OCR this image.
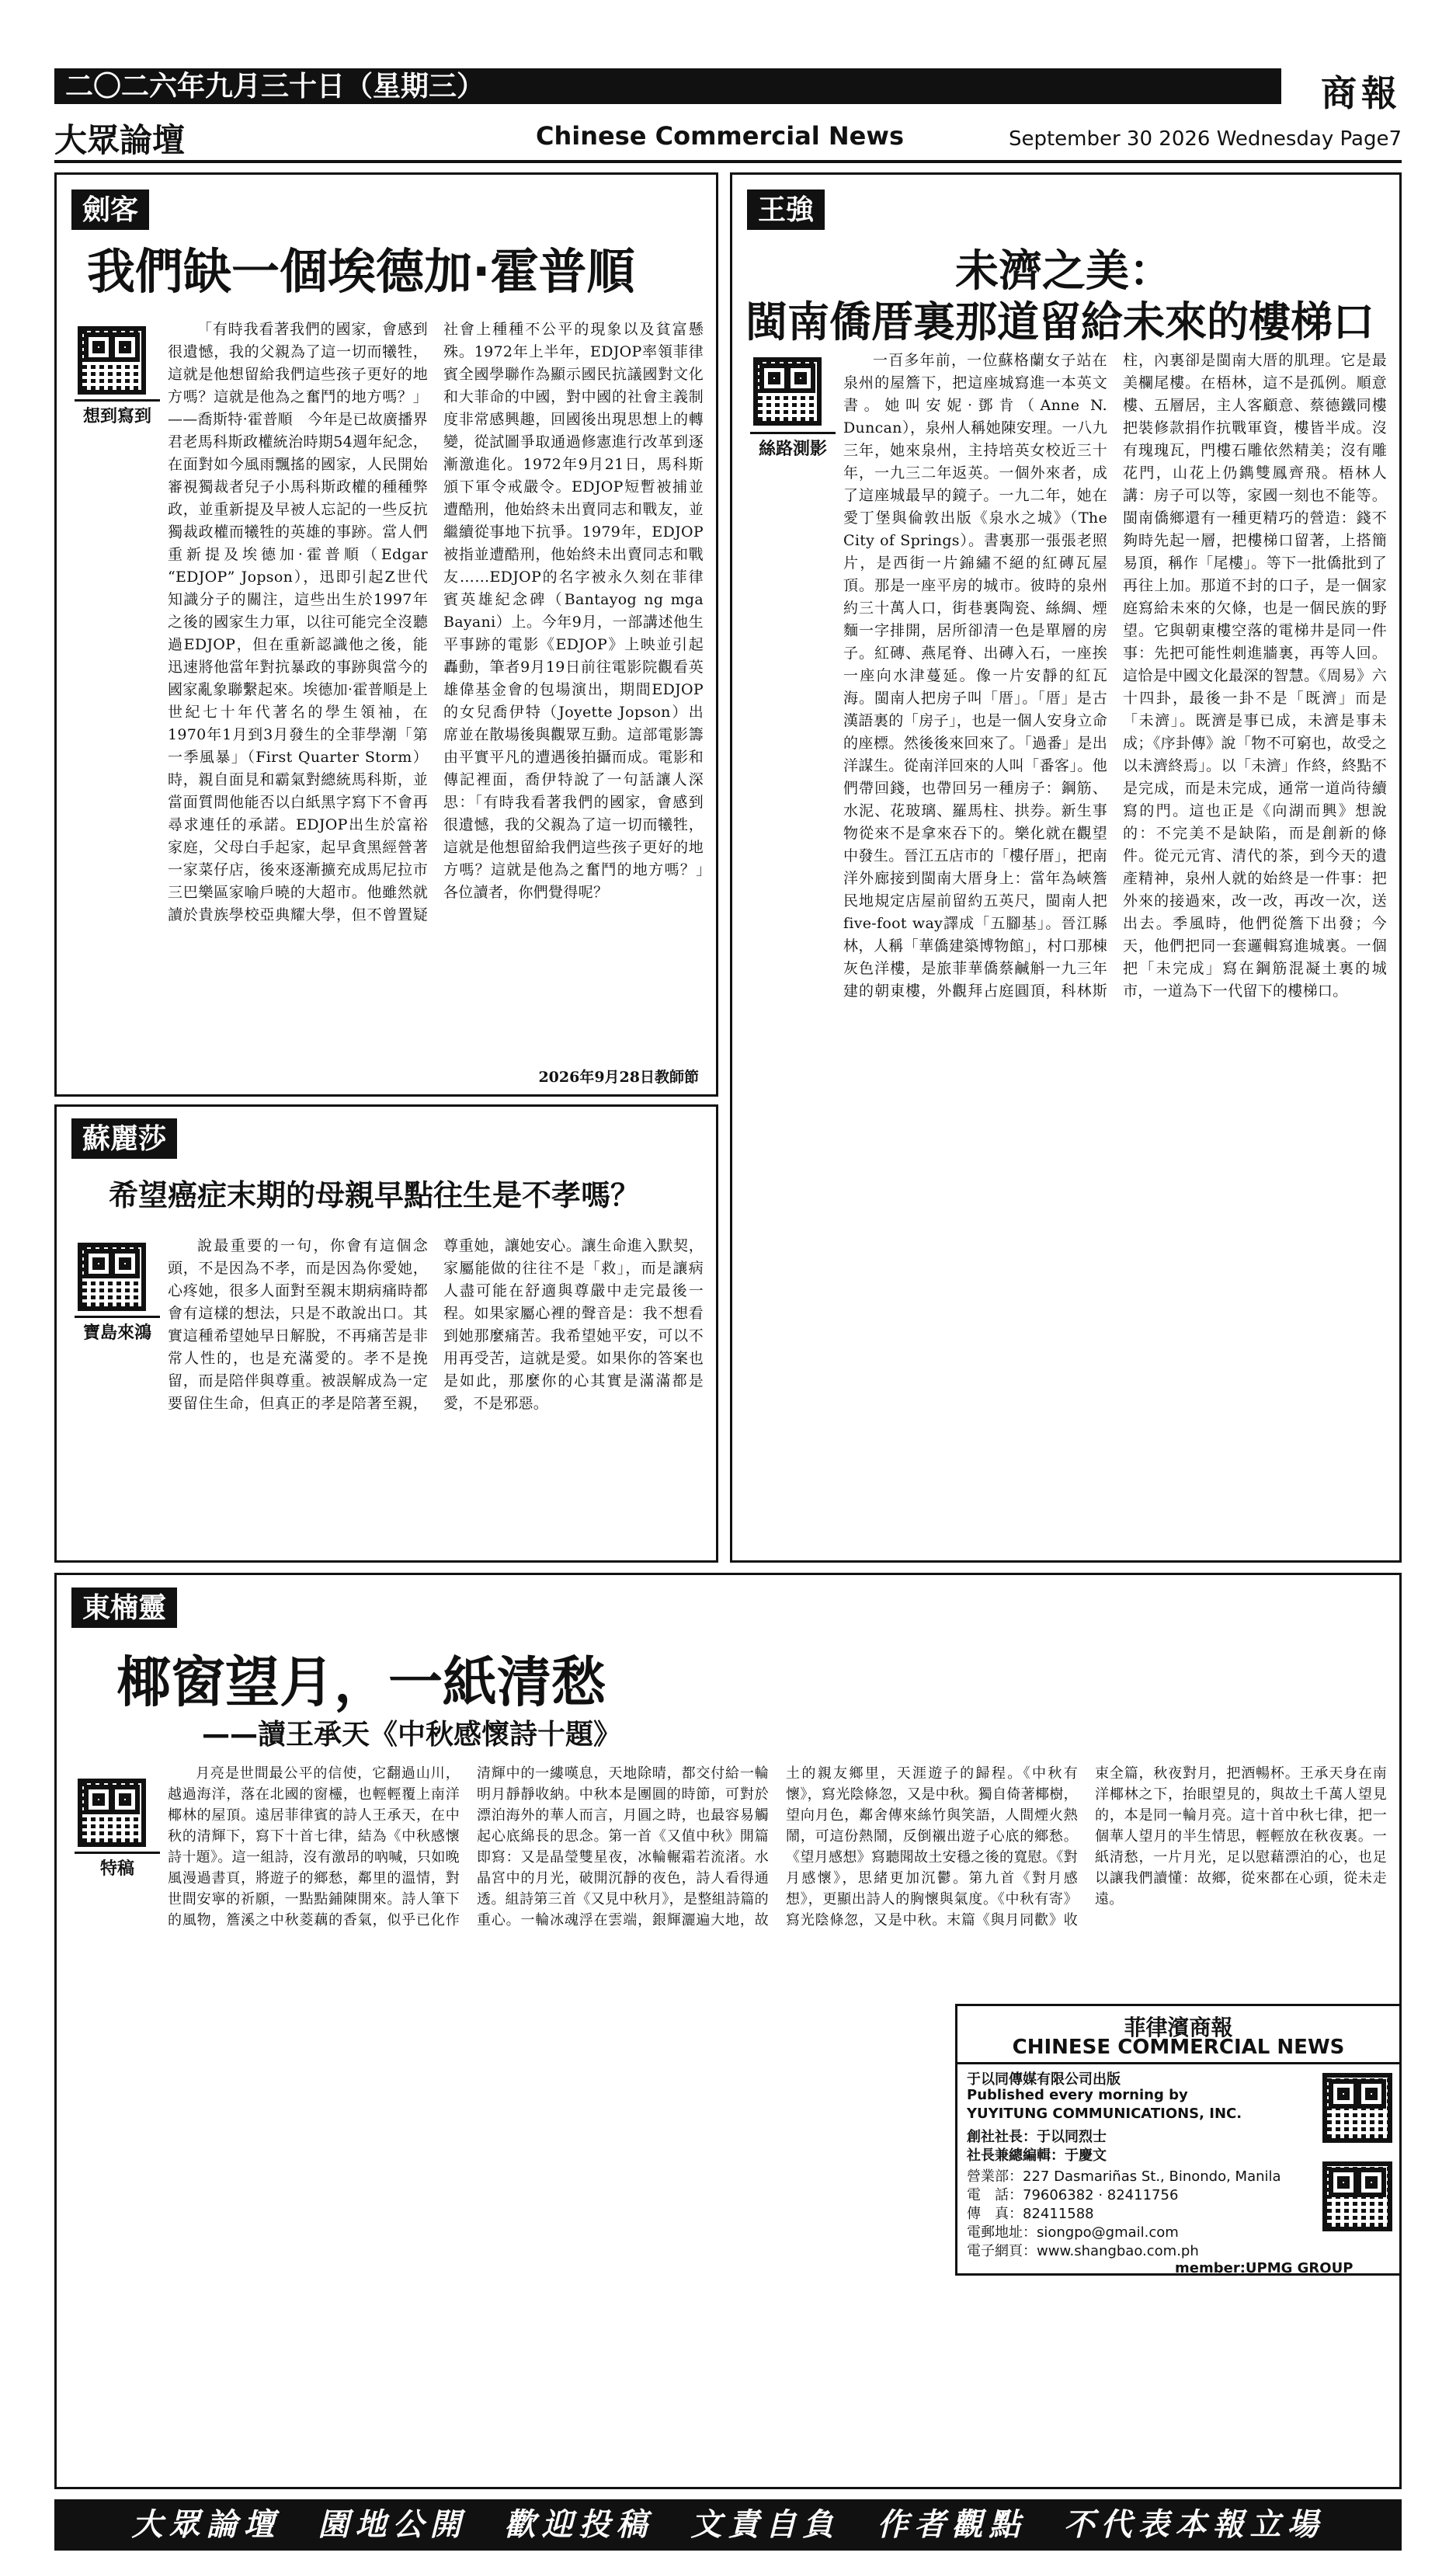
二〇二六年九月三十日（星期三）	商報
大眾論壇	Chinese Commercial News	September 30 2026 Wednesday Page7
劍客
我們缺一個埃德加·霍普順
想到寫到

「有時我看著我們的國家，會感到很遺憾，我的父親為了這一切而犧牲，這就是他想留給我們這些孩子更好的地方嗎？這就是他為之奮鬥的地方嗎？」——喬斯特·霍普順　今年是已故廣播界君老馬科斯政權統治時期54週年紀念，在面對如今風雨飄搖的國家，人民開始審視獨裁者兒子小馬科斯政權的種種弊政，並重新提及早被人忘記的一些反抗獨裁政權而犧牲的英雄的事跡。當人們重新提及埃德加·霍普順（Edgar “EDJOP” Jopson），迅即引起Z世代知識分子的關注，這些出生於1997年之後的國家生力軍，以往可能完全沒聽過EDJOP，但在重新認識他之後，能迅速將他當年對抗暴政的事跡與當今的國家亂象聯繫起來。埃德加·霍普順是上世紀七十年代著名的學生領袖，在1970年1月到3月發生的全菲學潮「第一季風暴」（First Quarter Storm）時，親自面見和霸氣對總統馬科斯，並當面質問他能否以白紙黑字寫下不會再尋求連任的承諾。EDJOP出生於富裕家庭，父母白手起家，起早貪黑經營著一家菜仔店，後來逐漸擴充成馬尼拉市三巴樂區家喻戶曉的大超市。他雖然就讀於貴族學校亞典耀大學，但不曾置疑社會上種種不公平的現象以及貧富懸殊。1972年上半年，EDJOP率領菲律賓全國學聯作為顯示國民抗議國對文化和大菲命的中國，對中國的社會主義制度非常感興趣，回國後出現思想上的轉變，從試圖爭取通過修憲進行改革到逐漸激進化。1972年9月21日，馬科斯頒下軍令戒嚴令。EDJOP短暫被捕並遭酷刑，他始終未出賣同志和戰友，並繼續從事地下抗爭。1979年，EDJOP被指並遭酷刑，他始終未出賣同志和戰友……EDJOP的名字被永久刻在菲律賓英雄紀念碑（Bantayog ng mga Bayani）上。今年9月，一部講述他生平事跡的電影《EDJOP》上映並引起轟動，筆者9月19日前往電影院觀看英雄偉基金會的包場演出，期間EDJOP的女兒喬伊特（Joyette Jopson）出席並在散場後與觀眾互動。這部電影籌由平實平凡的遭遇後拍攝而成。電影和傳記裡面，喬伊特說了一句話讓人深思：「有時我看著我們的國家，會感到很遺憾，我的父親為了這一切而犧牲，這就是他想留給我們這些孩子更好的地方嗎？這就是他為之奮鬥的地方嗎？」　各位讀者，你們覺得呢？

2026年9月28日教師節
王強
未濟之美：
閩南僑厝裏那道留給未來的樓梯口
絲路測影

一百多年前，一位蘇格蘭女子站在泉州的屋簷下，把這座城寫進一本英文書。她叫安妮·鄧肯（Anne N. Duncan），泉州人稱她陳安理。一八九三年，她來泉州，主持培英女校近三十年，一九三二年返英。一個外來者，成了這座城最早的鏡子。一九二年，她在愛丁堡與倫敦出版《泉水之城》（The City of Springs）。書裏那一張張老照片，是西街一片錦繡不絕的紅磚瓦屋頂。那是一座平房的城市。彼時的泉州約三十萬人口，街巷裏陶瓷、絲綢、煙麵一字排開，居所卻清一色是單層的房子。紅磚、燕尾脊、出磚入石，一座挨一座向水津蔓延。像一片安靜的紅瓦海。閩南人把房子叫「厝」。「厝」是古漢語裏的「房子」，也是一個人安身立命的座標。然後後來回來了。「過番」是出洋謀生。從南洋回來的人叫「番客」。他們帶回錢，也帶回另一種房子：鋼筋、水泥、花玻璃、羅馬柱、拱券。新生事物從來不是拿來吞下的。樂化就在觀望中發生。晉江五店市的「樓仔厝」，把南洋外廊接到閩南大厝身上：當年為峽簷民地規定店屋前留約五英尺，閩南人把five-foot way譯成「五腳基」。晉江縣林，人稱「華僑建築博物館」，村口那棟灰色洋樓，是旅菲華僑蔡鹹斛一九三年建的朝東樓，外觀拜占庭圓頂，科林斯柱，內裏卻是閩南大厝的肌理。它是最美欄尾樓。在梧林，這不是孤例。順意樓、五層居，主人客顧意、蔡德鐵同樓把裝修款捐作抗戰軍資，樓皆半成。沒有瑰瑰瓦，門樓石雕依然精美；沒有雕花門，山花上仍鐫雙鳳齊飛。梧林人講：房子可以等，家國一刻也不能等。閩南僑鄉還有一種更精巧的營造：錢不夠時先起一層，把樓梯口留著，上搭簡易頂，稱作「尾樓」。等下一批僑批到了再往上加。那道不封的口子，是一個家庭寫給未來的欠條，也是一個民族的野望。它與朝東樓空落的電梯井是同一件事：先把可能性刺進牆裏，再等人回。這恰是中國文化最深的智慧。《周易》六十四卦，最後一卦不是「既濟」而是「未濟」。既濟是事已成，未濟是事未成；《序卦傳》說「物不可窮也，故受之以未濟終焉」。以「未濟」作終，終點不是完成，而是未完成，通常一道尚待續寫的門。這也正是《向湖而興》想說的：不完美不是缺陷，而是創新的條件。從元元宵、清代的茶，到今天的遺產精神，泉州人就的始終是一件事：把外來的接過來，改一改，再改一次，送出去。季風時，他們從簷下出發；今天，他們把同一套邏輯寫進城裏。一個把「未完成」寫在鋼筋混凝土裏的城市，一道為下一代留下的樓梯口。

蘇麗莎
希望癌症末期的母親早點往生是不孝嗎？
寶島來鴻

說最重要的一句，你會有這個念頭，不是因為不孝，而是因為你愛她，心疼她，很多人面對至親末期病痛時都會有這樣的想法，只是不敢說出口。其實這種希望她早日解脫，不再痛苦是非常人性的，也是充滿愛的。孝不是挽留，而是陪伴與尊重。被誤解成為一定要留住生命，但真正的孝是陪著至親，尊重她，讓她安心。讓生命進入默契，家屬能做的往往不是「救」，而是讓病人盡可能在舒適與尊嚴中走完最後一程。如果家屬心裡的聲音是：我不想看到她那麼痛苦。我希望她平安，可以不用再受苦，這就是愛。如果你的答案也是如此，那麼你的心其實是滿滿都是愛，不是邪惡。

東楠靈
椰窗望月，一紙清愁
——讀王承天《中秋感懷詩十題》
特稿

月亮是世間最公平的信使，它翻過山川，越過海洋，落在北國的窗欞，也輕輕覆上南洋椰林的屋頂。遠居菲律賓的詩人王承天，在中秋的清輝下，寫下十首七律，結為《中秋感懷詩十題》。這一組詩，沒有激昂的吶喊，只如晚風漫過書頁，將遊子的鄉愁，鄰里的溫情，對世間安寧的祈願，一點點鋪陳開來。詩人筆下的風物，簷溪之中秋菱藕的香氣，似乎已化作清輝中的一縷嘆息，天地除晴，都交付給一輪明月靜靜收納。中秋本是團圓的時節，可對於漂泊海外的華人而言，月圓之時，也最容易觸起心底綿長的思念。第一首《又值中秋》開篇即寫：又是晶瑩雙星夜，冰輪輾霜若流渚。水晶宮中的月光，破開沉靜的夜色，詩人看得通透。組詩第三首《又見中秋月》，是整組詩篇的重心。一輪冰魂浮在雲端，銀輝灑遍大地，故土的親友鄉里，天涯遊子的歸程。《中秋有懷》，寫光陰條忽，又是中秋。獨自倚著椰樹，望向月色，鄰舍傳來絲竹與笑語，人間煙火熱鬧，可這份熱鬧，反倒襯出遊子心底的鄉愁。《望月感想》寫聽聞故土安穩之後的寬慰。《對月感懷》，思緒更加沉鬱。第九首《對月感想》，更顯出詩人的胸懷與氣度。《中秋有寄》寫光陰條忽，又是中秋。末篇《與月同歡》收束全篇，秋夜對月，把酒暢杯。王承天身在南洋椰林之下，抬眼望見的，與故土千萬人望見的，本是同一輪月亮。這十首中秋七律，把一個華人望月的半生情思，輕輕放在秋夜裏。一紙清愁，一片月光，足以慰藉漂泊的心，也足以讓我們讀懂：故鄉，從來都在心頭，從未走遠。

菲律濱商報
CHINESE COMMERCIAL NEWS
于以同傳媒有限公司出版
Published every morning by
YUYITUNG COMMUNICATIONS, INC.
創社社長：于以同烈士
社長兼總編輯：于慶文
營業部：227 Dasmariñas St., Binondo, Manila
電　話：79606382 · 82411756
傳　真：82411588
電郵地址：siongpo@gmail.com
電子網頁：www.shangbao.com.ph
member:UPMG GROUP
大眾論壇　園地公開　歡迎投稿　文責自負　作者觀點　不代表本報立場
